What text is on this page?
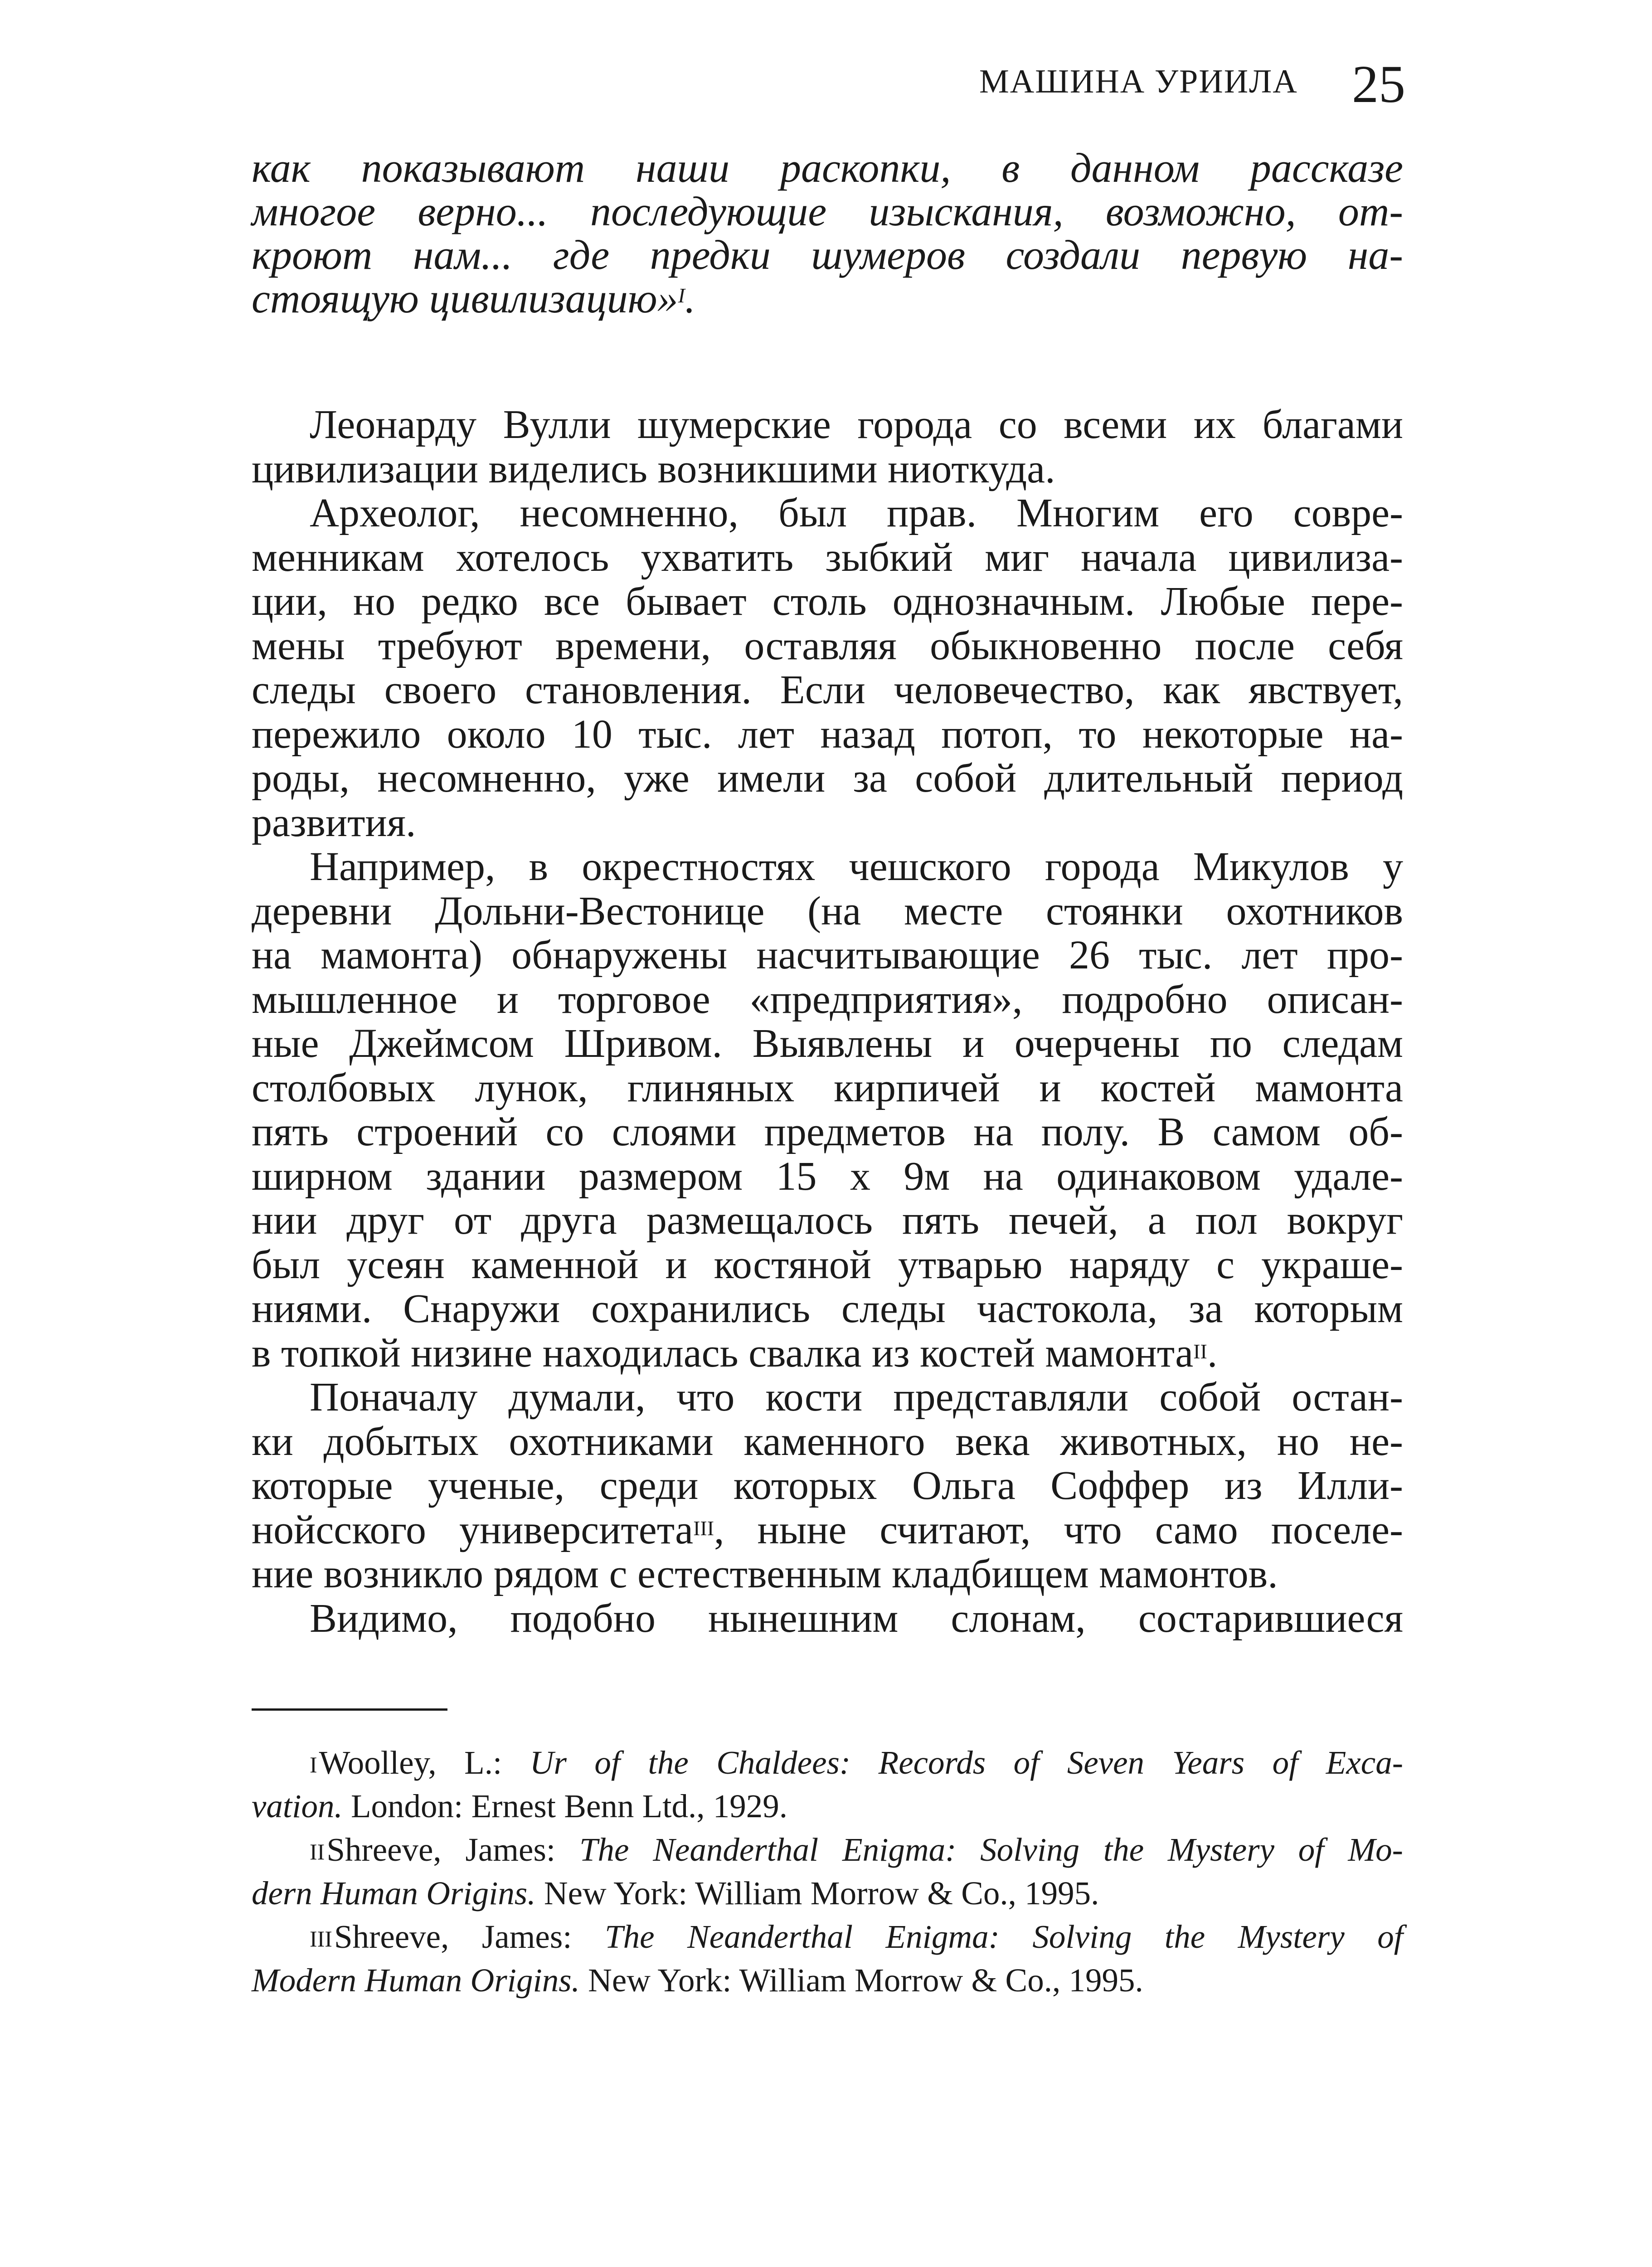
МАШИНА УРИИЛА 25
как показывают наши раскопки, в данном рассказе
многое верно... последующие изыскания, возможно, от-
кроют нам... где предки шумеров создали первую на-
стоящую цивилизацию»$^I$.
Леонарду Вулли шумерские города со всеми их благами
цивилизации виделись возникшими ниоткуда.
Археолог, несомненно, был прав. Многим его совре-
менникам хотелось ухватить зыбкий миг начала цивилиза-
ции, но редко все бывает столь однозначным. Любые пере-
мены требуют времени, оставляя обыкновенно после себя
следы своего становления. Если человечество, как явствует,
пережило около 10 тыс. лет назад потоп, то некоторые на-
роды, несомненно, уже имели за собой длительный период
развития.
Например, в окрестностях чешского города Микулов у
деревни Дольни-Вестонице (на месте стоянки охотников
на мамонта) обнаружены насчитывающие 26 тыс. лет про-
мышленное и торговое «предприятия», подробно описан-
ные Джеймсом Шривом. Выявлены и очерчены по следам
столбовых лунок, глиняных кирпичей и костей мамонта
пять строений со слоями предметов на полу. В самом об-
ширном здании размером 15 х 9м на одинаковом удале-
нии друг от друга размещалось пять печей, а пол вокруг
был усеян каменной и костяной утварью наряду с украше-
ниями. Снаружи сохранились следы частокола, за которым
в топкой низине находилась свалка из костей мамонта$^{II}$.
Поначалу думали, что кости представляли собой остан-
ки добытых охотниками каменного века животных, но не-
которые ученые, среди которых Ольга Соффер из Илли-
нойсского университета$^{III}$, ныне считают, что само поселе-
ние возникло рядом с естественным кладбищем мамонтов.
Видимо, подобно нынешним слонам, состарившиеся
$^I$Woolley, L.: Ur of the Chaldees: Records of Seven Years of Exca-
vation. London: Ernest Benn Ltd., 1929.
$^{II}$Shreeve, James: The Neanderthal Enigma: Solving the Mystery of Mo-
dern Human Origins. New York: William Morrow & Co., 1995.
$^{III}$Shreeve, James: The Neanderthal Enigma: Solving the Mystery of
Modern Human Origins. New York: William Morrow & Co., 1995.
